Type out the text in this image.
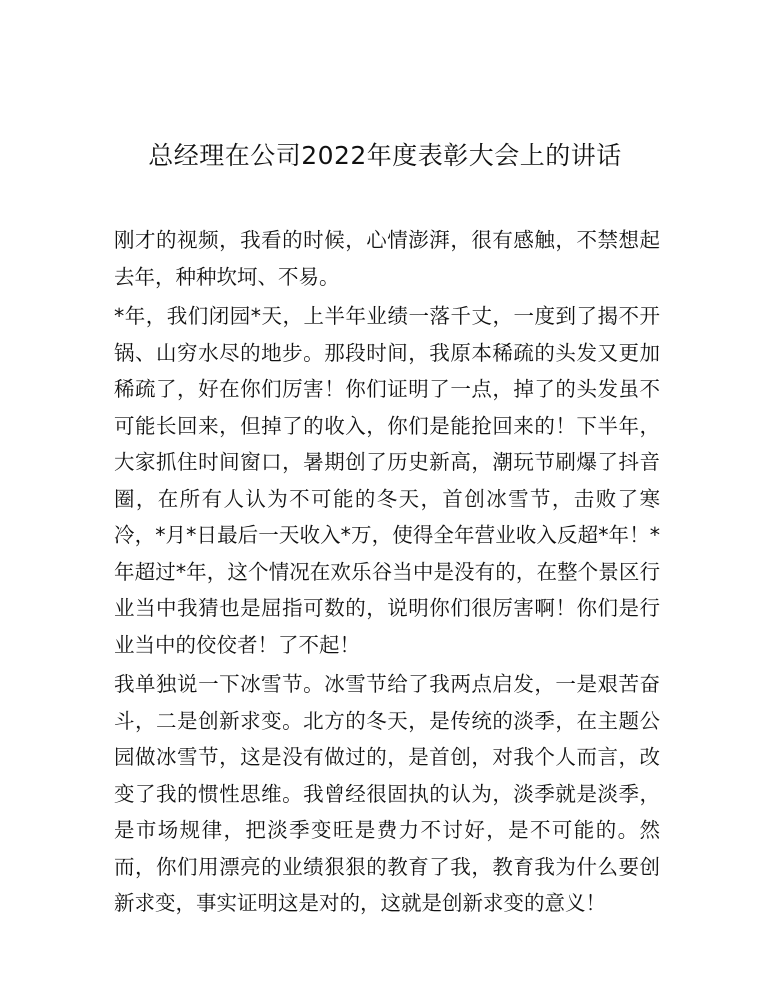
总经理在公司2022年度表彰大会上的讲话

刚才的视频，我看的时候，心情澎湃，很有感触，不禁想起去年，种种坎坷、不易。

*年，我们闭园*天，上半年业绩一落千丈，一度到了揭不开锅、山穷水尽的地步。那段时间，我原本稀疏的头发又更加稀疏了，好在你们厉害！你们证明了一点，掉了的头发虽不可能长回来，但掉了的收入，你们是能抢回来的！下半年，大家抓住时间窗口，暑期创了历史新高，潮玩节刷爆了抖音圈，在所有人认为不可能的冬天，首创冰雪节，击败了寒冷，*月*日最后一天收入*万，使得全年营业收入反超*年！*年超过*年，这个情况在欢乐谷当中是没有的，在整个景区行业当中我猜也是屈指可数的，说明你们很厉害啊！你们是行业当中的佼佼者！了不起！

我单独说一下冰雪节。冰雪节给了我两点启发，一是艰苦奋斗，二是创新求变。北方的冬天，是传统的淡季，在主题公园做冰雪节，这是没有做过的，是首创，对我个人而言，改变了我的惯性思维。我曾经很固执的认为，淡季就是淡季，是市场规律，把淡季变旺是费力不讨好，是不可能的。然而，你们用漂亮的业绩狠狠的教育了我，教育我为什么要创新求变，事实证明这是对的，这就是创新求变的意义！
